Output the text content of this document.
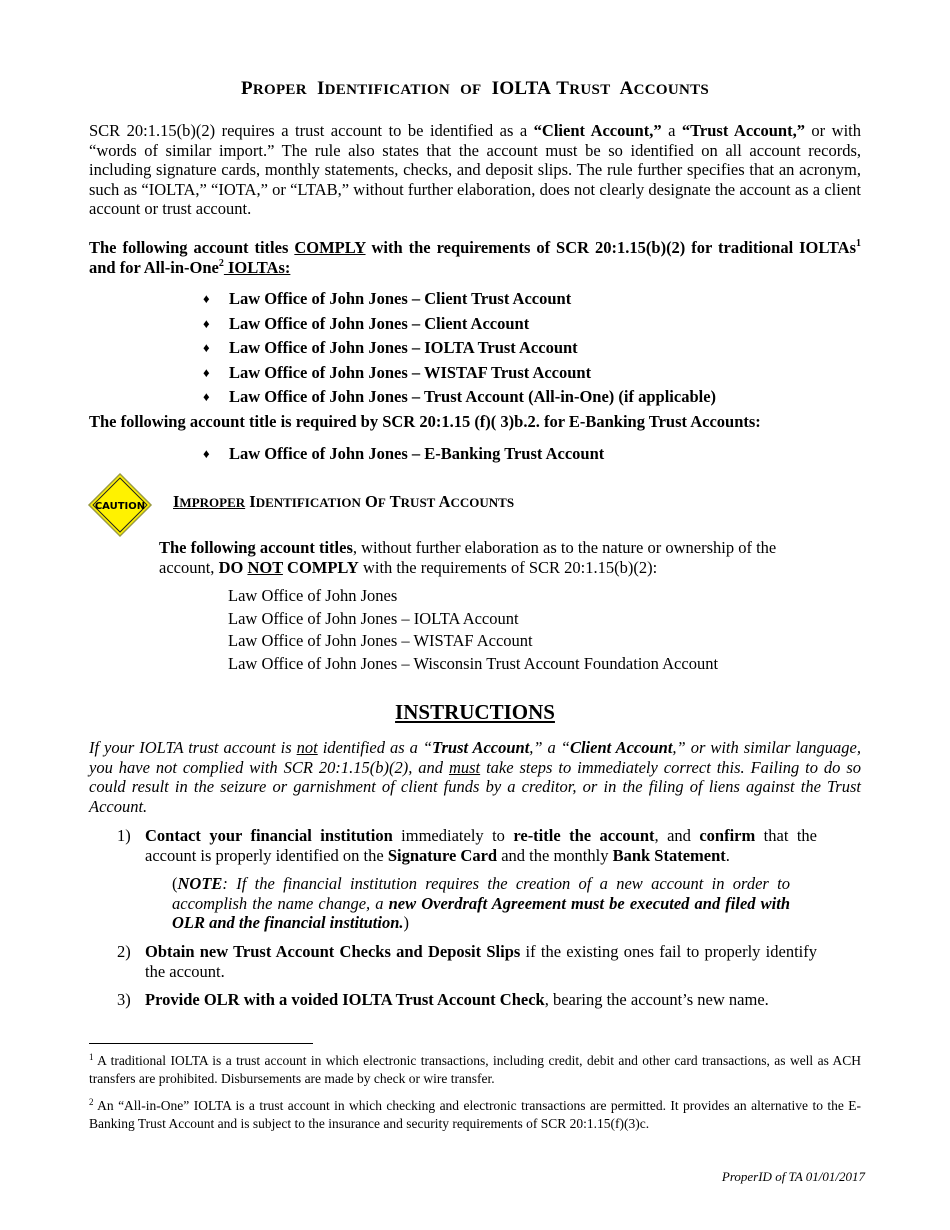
PROPER IDENTIFICATION OF IOLTA TRUST ACCOUNTS

SCR 20:1.15(b)(2) requires a trust account to be identified as a “Client Account,” a “Trust Account,” or with “words of similar import.” The rule also states that the account must be so identified on all account records, including signature cards, monthly statements, checks, and deposit slips. The rule further specifies that an acronym, such as “IOLTA,” “IOTA,” or “LTAB,” without further elaboration, does not clearly designate the account as a client account or trust account.

The following account titles COMPLY with the requirements of SCR 20:1.15(b)(2) for traditional IOLTAs$^1$ and for All-in-One$^2$ IOLTAs:

♦ Law Office of John Jones – Client Trust Account
♦ Law Office of John Jones – Client Account
♦ Law Office of John Jones – IOLTA Trust Account
♦ Law Office of John Jones – WISTAF Trust Account
♦ Law Office of John Jones – Trust Account (All-in-One) (if applicable)

The following account title is required by SCR 20:1.15 (f)( 3)b.2. for E-Banking Trust Accounts:

♦ Law Office of John Jones – E-Banking Trust Account
CAUTION IMPROPER IDENTIFICATION OF TRUST ACCOUNTS

The following account titles, without further elaboration as to the nature or ownership of the account, DO NOT COMPLY with the requirements of SCR 20:1.15(b)(2):

Law Office of John Jones
Law Office of John Jones – IOLTA Account
Law Office of John Jones – WISTAF Account
Law Office of John Jones – Wisconsin Trust Account Foundation Account
INSTRUCTIONS

If your IOLTA trust account is not identified as a “Trust Account,” a “Client Account,” or with similar language, you have not complied with SCR 20:1.15(b)(2), and must take steps to immediately correct this. Failing to do so could result in the seizure or garnishment of client funds by a creditor, or in the filing of liens against the Trust Account.

1) Contact your financial institution immediately to re-title the account, and confirm that the account is properly identified on the Signature Card and the monthly Bank Statement.

(NOTE: If the financial institution requires the creation of a new account in order to accomplish the name change, a new Overdraft Agreement must be executed and filed with OLR and the financial institution.)

2) Obtain new Trust Account Checks and Deposit Slips if the existing ones fail to properly identify the account.

3) Provide OLR with a voided IOLTA Trust Account Check, bearing the account’s new name.

$^1$ A traditional IOLTA is a trust account in which electronic transactions, including credit, debit and other card transactions, as well as ACH transfers are prohibited. Disbursements are made by check or wire transfer.

$^2$ An “All-in-One” IOLTA is a trust account in which checking and electronic transactions are permitted. It provides an alternative to the E-Banking Trust Account and is subject to the insurance and security requirements of SCR 20:1.15(f)(3)c.

ProperID of TA 01/01/2017
